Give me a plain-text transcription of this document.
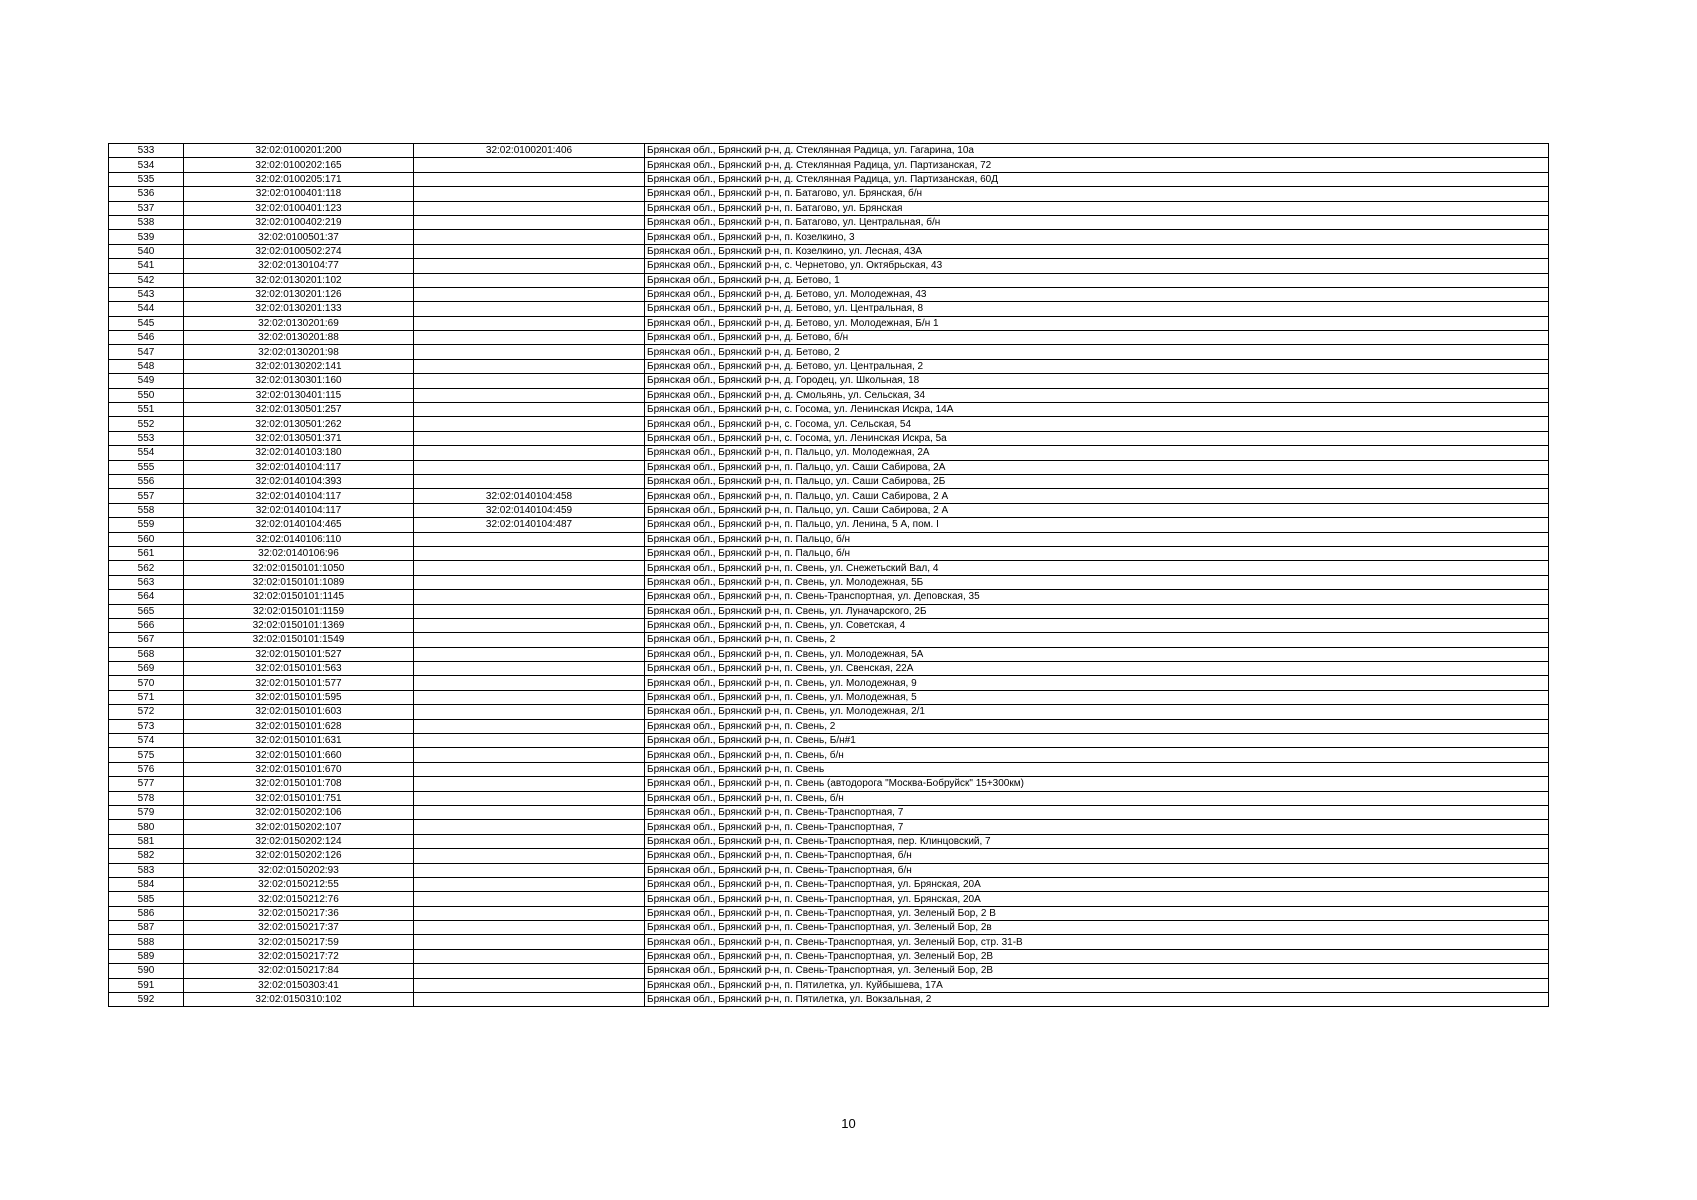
533	32:02:0100201:200	32:02:0100201:406	Брянская обл., Брянский р-н, д. Стеклянная Радица, ул. Гагарина, 10а
534	32:02:0100202:165		Брянская обл., Брянский р-н, д. Стеклянная Радица, ул. Партизанская, 72
535	32:02:0100205:171		Брянская обл., Брянский р-н, д. Стеклянная Радица, ул. Партизанская, 60Д
536	32:02:0100401:118		Брянская обл., Брянский р-н, п. Батагово, ул. Брянская, б/н
537	32:02:0100401:123		Брянская обл., Брянский р-н, п. Батагово, ул. Брянская
538	32:02:0100402:219		Брянская обл., Брянский р-н, п. Батагово, ул. Центральная, б/н
539	32:02:0100501:37		Брянская обл., Брянский р-н, п. Козелкино, 3
540	32:02:0100502:274		Брянская обл., Брянский р-н, п. Козелкино, ул. Лесная, 43А
541	32:02:0130104:77		Брянская обл., Брянский р-н, с. Чернетово, ул. Октябрьская, 43
542	32:02:0130201:102		Брянская обл., Брянский р-н, д. Бетово, 1
543	32:02:0130201:126		Брянская обл., Брянский р-н, д. Бетово, ул. Молодежная, 43
544	32:02:0130201:133		Брянская обл., Брянский р-н, д. Бетово, ул. Центральная, 8
545	32:02:0130201:69		Брянская обл., Брянский р-н, д. Бетово, ул. Молодежная, Б/н 1
546	32:02:0130201:88		Брянская обл., Брянский р-н, д. Бетово, б/н
547	32:02:0130201:98		Брянская обл., Брянский р-н, д. Бетово, 2
548	32:02:0130202:141		Брянская обл., Брянский р-н, д. Бетово, ул. Центральная, 2
549	32:02:0130301:160		Брянская обл., Брянский р-н, д. Городец, ул. Школьная, 18
550	32:02:0130401:115		Брянская обл., Брянский р-н, д. Смольянь, ул. Сельская, 34
551	32:02:0130501:257		Брянская обл., Брянский р-н, с. Госома, ул. Ленинская Искра, 14А
552	32:02:0130501:262		Брянская обл., Брянский р-н, с. Госома, ул. Сельская, 54
553	32:02:0130501:371		Брянская обл., Брянский р-н, с. Госома, ул. Ленинская Искра, 5а
554	32:02:0140103:180		Брянская обл., Брянский р-н, п. Пальцо, ул. Молодежная, 2А
555	32:02:0140104:117		Брянская обл., Брянский р-н, п. Пальцо, ул. Саши Сабирова, 2А
556	32:02:0140104:393		Брянская обл., Брянский р-н, п. Пальцо, ул. Саши Сабирова, 2Б
557	32:02:0140104:117	32:02:0140104:458	Брянская обл., Брянский р-н, п. Пальцо, ул. Саши Сабирова, 2 А
558	32:02:0140104:117	32:02:0140104:459	Брянская обл., Брянский р-н, п. Пальцо, ул. Саши Сабирова, 2 А
559	32:02:0140104:465	32:02:0140104:487	Брянская обл., Брянский р-н, п. Пальцо, ул. Ленина, 5 А, пом. I
560	32:02:0140106:110		Брянская обл., Брянский р-н, п. Пальцо, б/н
561	32:02:0140106:96		Брянская обл., Брянский р-н, п. Пальцо, б/н
562	32:02:0150101:1050		Брянская обл., Брянский р-н, п. Свень, ул. Снежетьский Вал, 4
563	32:02:0150101:1089		Брянская обл., Брянский р-н, п. Свень, ул. Молодежная, 5Б
564	32:02:0150101:1145		Брянская обл., Брянский р-н, п. Свень-Транспортная, ул. Деповская, 35
565	32:02:0150101:1159		Брянская обл., Брянский р-н, п. Свень, ул. Луначарского, 2Б
566	32:02:0150101:1369		Брянская обл., Брянский р-н, п. Свень, ул. Советская, 4
567	32:02:0150101:1549		Брянская обл., Брянский р-н, п. Свень, 2
568	32:02:0150101:527		Брянская обл., Брянский р-н, п. Свень, ул. Молодежная, 5А
569	32:02:0150101:563		Брянская обл., Брянский р-н, п. Свень, ул. Свенская, 22А
570	32:02:0150101:577		Брянская обл., Брянский р-н, п. Свень, ул. Молодежная, 9
571	32:02:0150101:595		Брянская обл., Брянский р-н, п. Свень, ул. Молодежная, 5
572	32:02:0150101:603		Брянская обл., Брянский р-н, п. Свень, ул. Молодежная, 2/1
573	32:02:0150101:628		Брянская обл., Брянский р-н, п. Свень, 2
574	32:02:0150101:631		Брянская обл., Брянский р-н, п. Свень, Б/н#1
575	32:02:0150101:660		Брянская обл., Брянский р-н, п. Свень, б/н
576	32:02:0150101:670		Брянская обл., Брянский р-н, п. Свень
577	32:02:0150101:708		Брянская обл., Брянский р-н, п. Свень (автодорога "Москва-Бобруйск" 15+300км)
578	32:02:0150101:751		Брянская обл., Брянский р-н, п. Свень, б/н
579	32:02:0150202:106		Брянская обл., Брянский р-н, п. Свень-Транспортная, 7
580	32:02:0150202:107		Брянская обл., Брянский р-н, п. Свень-Транспортная, 7
581	32:02:0150202:124		Брянская обл., Брянский р-н, п. Свень-Транспортная, пер. Клинцовский, 7
582	32:02:0150202:126		Брянская обл., Брянский р-н, п. Свень-Транспортная, б/н
583	32:02:0150202:93		Брянская обл., Брянский р-н, п. Свень-Транспортная, б/н
584	32:02:0150212:55		Брянская обл., Брянский р-н, п. Свень-Транспортная, ул. Брянская, 20А
585	32:02:0150212:76		Брянская обл., Брянский р-н, п. Свень-Транспортная, ул. Брянская, 20А
586	32:02:0150217:36		Брянская обл., Брянский р-н, п. Свень-Транспортная, ул. Зеленый Бор, 2 В
587	32:02:0150217:37		Брянская обл., Брянский р-н, п. Свень-Транспортная, ул. Зеленый Бор, 2в
588	32:02:0150217:59		Брянская обл., Брянский р-н, п. Свень-Транспортная, ул. Зеленый Бор, стр. 31-В
589	32:02:0150217:72		Брянская обл., Брянский р-н, п. Свень-Транспортная, ул. Зеленый Бор, 2В
590	32:02:0150217:84		Брянская обл., Брянский р-н, п. Свень-Транспортная, ул. Зеленый Бор, 2В
591	32:02:0150303:41		Брянская обл., Брянский р-н, п. Пятилетка, ул. Куйбышева, 17А
592	32:02:0150310:102		Брянская обл., Брянский р-н, п. Пятилетка, ул. Вокзальная, 2
10
